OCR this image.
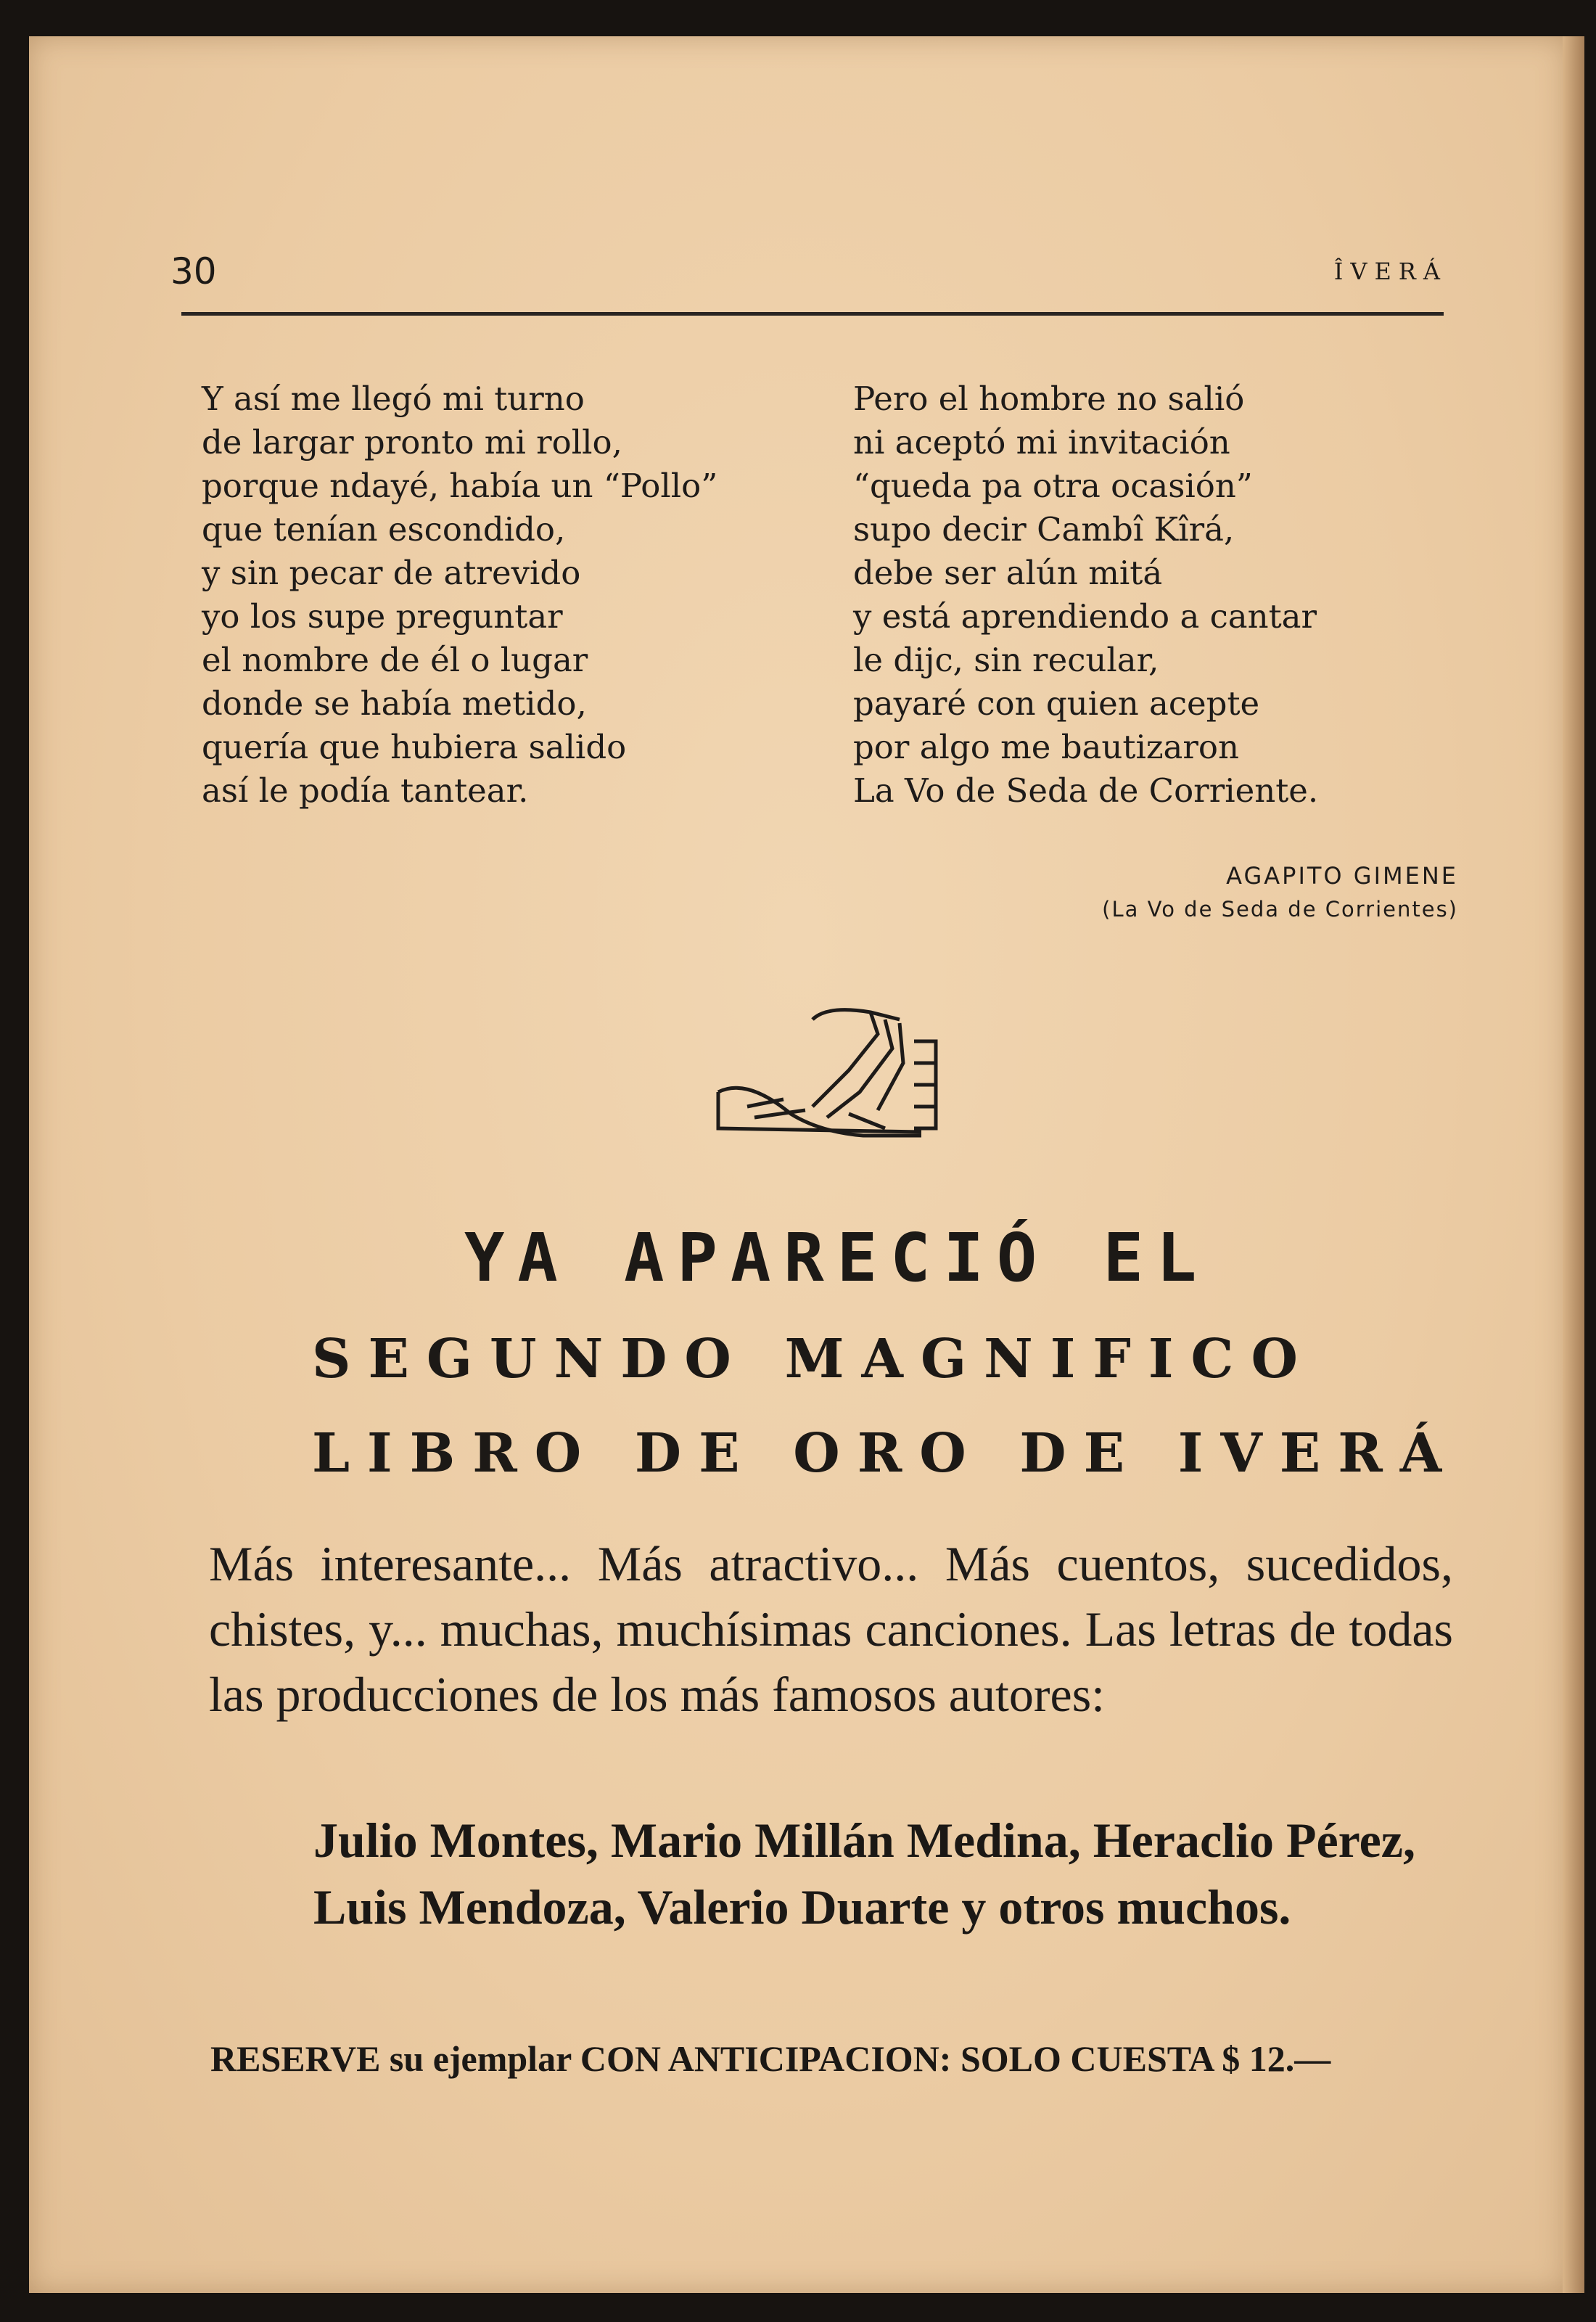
30	ÎVERÁ
Y así me llegó mi turno
de largar pronto mi rollo,
porque ndayé, había un “Pollo”
que tenían escondido,
y sin pecar de atrevido
yo los supe preguntar
el nombre de él o lugar
donde se había metido,
quería que hubiera salido
así le podía tantear.
Pero el hombre no salió
ni aceptó mi invitación
“queda pa otra ocasión”
supo decir Cambî Kîrá,
debe ser alún mitá
y está aprendiendo a cantar
le dijc, sin recular,
payaré con quien acepte
por algo me bautizaron
La Vo de Seda de Corriente.
AGAPITO GIMENE
(La Vo de Seda de Corrientes)
YA APARECIÓ EL
SEGUNDO MAGNIFICO
LIBRO DE ORO DE IVERÁ
Más interesante... Más atractivo... Más cuentos, sucedidos, chistes, y... muchas, muchísimas canciones. Las letras de todas las producciones de los más famosos autores:
Julio Montes, Mario Millán Medina, Heraclio Pérez, Luis Mendoza, Valerio Duarte y otros muchos.
RESERVE su ejemplar CON ANTICIPACION: SOLO CUESTA $ 12.—
